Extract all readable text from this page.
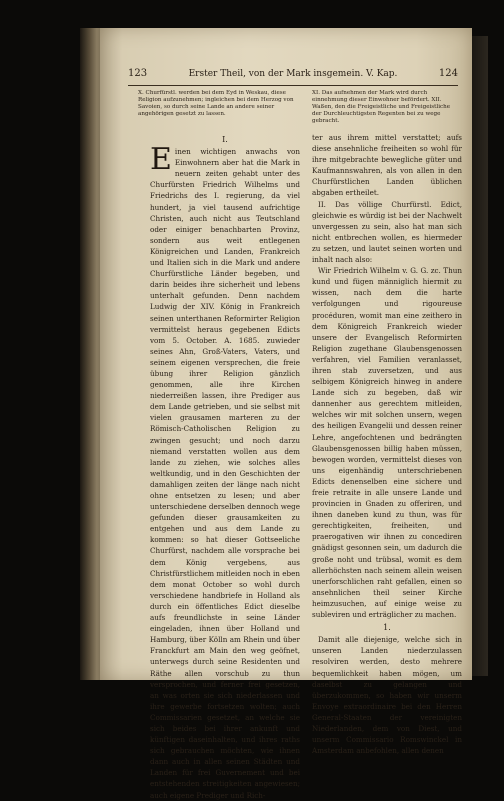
123	Erster Theil, von der Mark insgemein. V. Kap.	124
X. Churfürstl. werden bei dem Eyd in Weskau, diese Religion aufzunehmen; ingleichen bei dem Herzog von Savoien, so durch seine Lande an andere seiner angehörigen gesetzt zu lassen.
XI. Das aufnehmen der Mark wird durch einnehmung dieser Einwohner befördert. XII. Waßen, den die Freigeistliche und Freigeistliche der Durchleuchtigsten Regenten bei zu wege gebracht.
I.

Einen wichtigen anwachs von Einwohnern aber hat die Mark in neuern zeiten gehabt unter des Churfürsten Friedrich Wilhelms und Friedrichs des I. regierung, da viel hundert, ja viel tausend aufrichtige Christen, auch nicht aus Teutschland oder einiger benachbarten Provinz, sondern aus weit entlegenen Königreichen und Landen, Frankreich und Italien sich in die Mark und andere Churfürstliche Länder begeben, und darin beides ihre sicherheit und lebens unterhalt gefunden. Denn nachdem Ludwig der XIV. König in Frankreich seinen unterthanen Reformirter Religion vermittelst heraus gegebenen Edicts vom 5. October. A. 1685. zuwieder seines Ahn, Groß-Vaters, Vaters, und seinem eigenen versprechen, die freie übung ihrer Religion gänzlich genommen, alle ihre Kirchen niederreißen lassen, ihre Prediger aus dem Lande getrieben, und sie selbst mit vielen grausamen marteren zu der Römisch-Catholischen Religion zu zwingen gesucht; und noch darzu niemand verstatten wollen aus dem lande zu ziehen, wie solches alles weltkundig, und in den Geschichten der damahligen zeiten der länge nach nicht ohne entsetzen zu lesen; und aber unterschiedene derselben dennoch wege gefunden dieser grausamkeiten zu entgehen und aus dem Lande zu kommen: so hat dieser Gottseeliche Churfürst, nachdem alle vorsprache bei dem König vergebens, aus Christfürstlichem mitleiden noch in eben dem monat October so wohl durch verschiedene handbriefe in Holland als durch ein öffentliches Edict dieselbe aufs freundlichste in seine Länder eingeladen, ihnen über Holland und Hamburg, über Kölln am Rhein und über Franckfurt am Main den weg geöfnet, unterwegs durch seine Residenten und Räthe allen vorschub zu thun versprochen, und ferner frei gesetzen, an was orten sie sich niederlassen und ihre gewerbe fortsetzen wolten; auch Commissarien gesetzet, an welche sie sich beides bei ihrer ankunft und künftigen daseinhalten, und ihres raths sich gebrauchen möchten, wie ihnen dann auch in allen seinen Städten und Landen für frei Guvernement und bei entstehenden streitigkeiten angewiesen; auch eigene Prediger und Rich-

ter aus ihrem mittel verstattet; aufs diese ansehnliche freiheiten so wohl für ihre mitgebrachte bewegliche güter und Kaufmannswahren, als von allen in den Churfürstlichen Landen üblichen abgaben ertheilet.

II. Das völlige Churfürstl. Edict, gleichwie es würdig ist bei der Nachwelt unvergessen zu sein, also hat man sich nicht entbrechen wollen, es hiermeder zu setzen, und lautet seinen worten und inhalt nach also:

Wir Friedrich Wilhelm v. G. G. zc. Thun kund und fügen männiglich hiermit zu wissen, nach dem die harte verfolgungen und rigoureuse procéduren, womit man eine zeithero in dem Königreich Frankreich wieder unsere der Evangelisch Reformirten Religion zugethane Glaubensgenossen verfahren, viel Familien veranlasset, ihren stab zuversetzen, und aus selbigem Königreich hinweg in andere Lande sich zu begeben, daß wir dannenher aus gerechtem mitleiden, welches wir mit solchen unsern, wegen des heiligen Evangelii und dessen reiner Lehre, angefochtenen und bedrängten Glaubensgenossen billig haben müssen, bewogen worden, vermittelst dieses von uns eigenhändig unterschriebenen Edicts denenselben eine sichere und freie retraite in alle unsere Lande und provincien in Gnaden zu offeriren, und ihnen daneben kund zu thun, was für gerechtigkeiten, freiheiten, und praerogativen wir ihnen zu concediren gnädigst gesonnen sein, um dadurch die große noht und trübsal, womit es dem allerhöchsten nach seinem allein weisen unerforschlichen raht gefallen, einen so ansehnlichen theil seiner Kirche heimzusuchen, auf einige weise zu subleviren und erträglicher zu machen.

1.

Damit alle diejenige, welche sich in unseren Landen niederzulassen resolviren werden, desto mehrere bequemlichkeit haben mögen, um daselbst zu gelangen und überzukommen, so haben wir unserm Envoye extraordinaire bei den Herren General-Staaten der vereinigten Niederlanden, dem von Diest, und unserm Commissario Romswinckel in Amsterdam anbefohlen, allen denen
